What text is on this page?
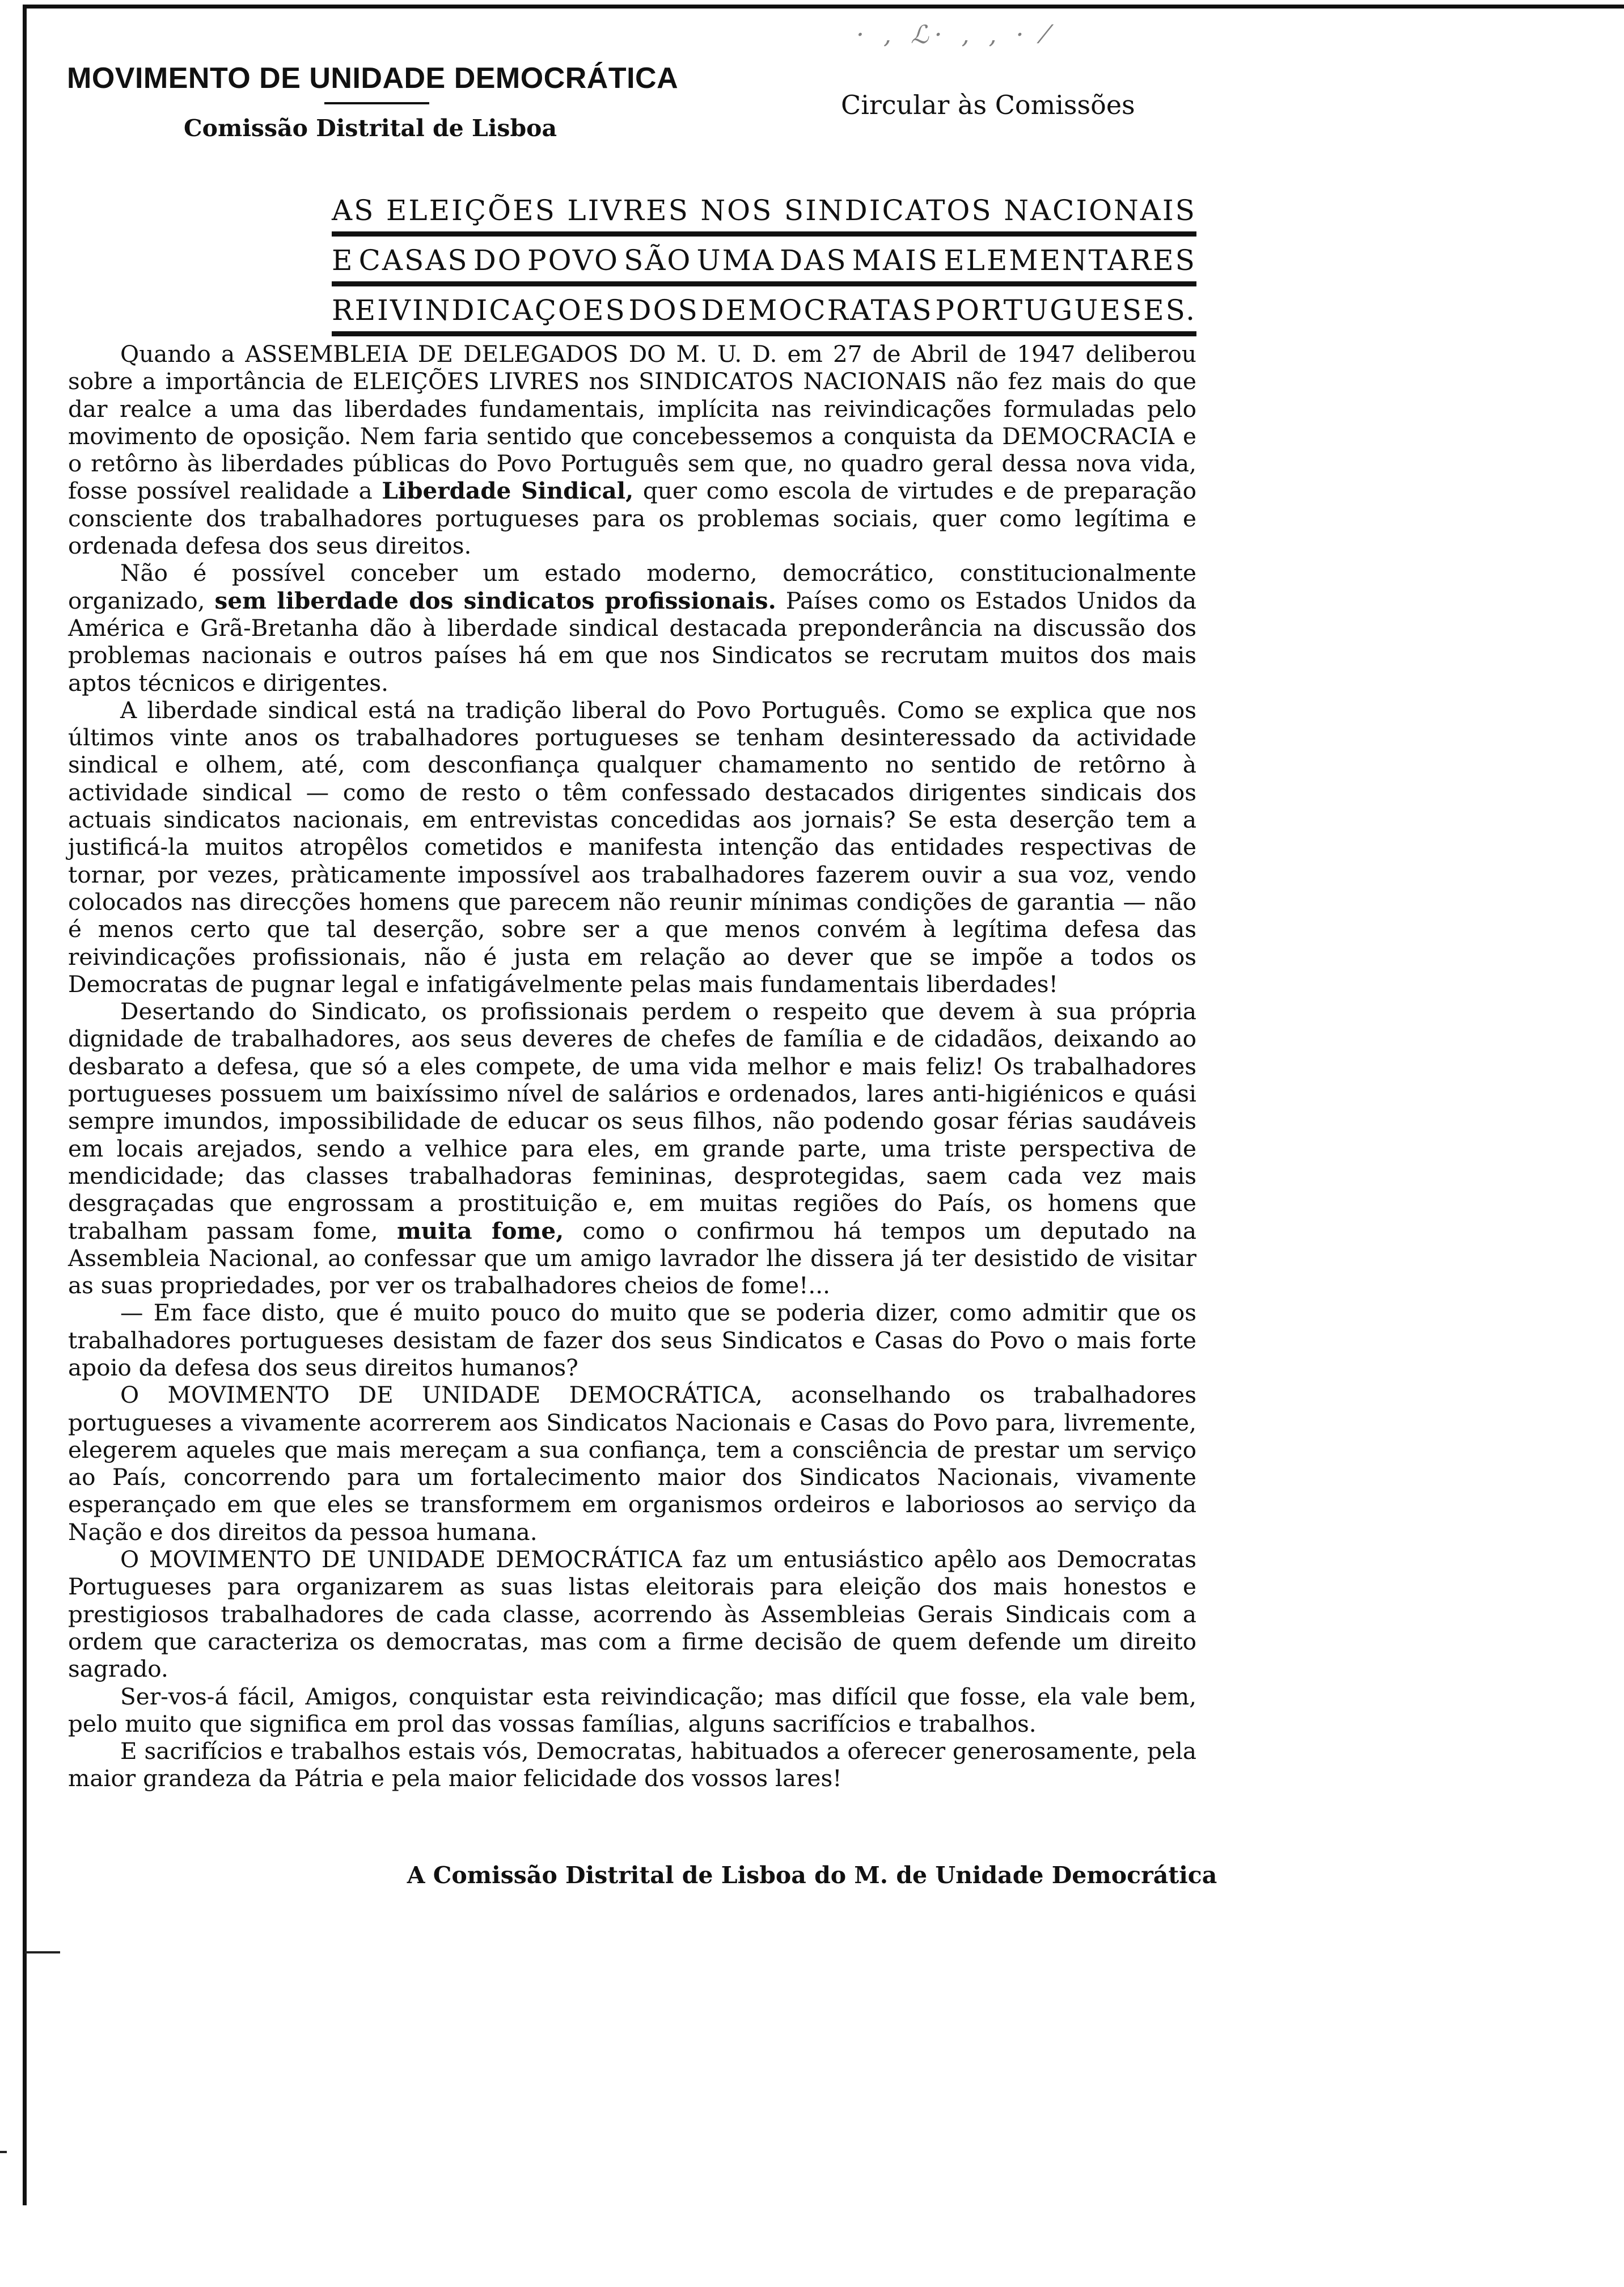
MOVIMENTO DE UNIDADE DEMOCRÁTICA
Comissão Distrital de Lisboa
· , ℒ· , , · ⁄
Circular às Comissões
AS ELEIÇÕES LIVRES NOS SINDICATOS NACIONAIS
E CASAS DO POVO SÃO UMA DAS MAIS ELEMENTARES
REIVINDICAÇOES DOS DEMOCRATAS PORTUGUESES.

Quando a ASSEMBLEIA DE DELEGADOS DO M. U. D. em 27 de Abril de 1947 deliberou sobre a importância de ELEIÇÕES LIVRES nos SINDICATOS NACIONAIS não fez mais do que dar realce a uma das liberdades fundamentais, implícita nas reivindicações formuladas pelo movimento de oposição. Nem faria sentido que concebessemos a conquista da DEMOCRACIA e o retôrno às liberdades públicas do Povo Português sem que, no quadro geral dessa nova vida, fosse possível realidade a Liberdade Sindical, quer como escola de virtudes e de preparação consciente dos trabalhadores portugueses para os problemas sociais, quer como legítima e ordenada defesa dos seus direitos.

Não é possível conceber um estado moderno, democrático, constitucionalmente organizado, sem liberdade dos sindicatos profissionais. Países como os Estados Unidos da América e Grã-Bretanha dão à liberdade sindical destacada preponderância na discussão dos problemas nacionais e outros países há em que nos Sindicatos se recrutam muitos dos mais aptos técnicos e dirigentes.

A liberdade sindical está na tradição liberal do Povo Português. Como se explica que nos últimos vinte anos os trabalhadores portugueses se tenham desinteressado da actividade sindical e olhem, até, com desconfiança qualquer chamamento no sentido de retôrno à actividade sindical — como de resto o têm confessado destacados dirigentes sindicais dos actuais sindicatos nacionais, em entrevistas concedidas aos jornais? Se esta deserção tem a justificá-la muitos atropêlos cometidos e manifesta intenção das entidades respectivas de tornar, por vezes, pràticamente impossível aos trabalhadores fazerem ouvir a sua voz, vendo colocados nas direcções homens que parecem não reunir mínimas condições de garantia — não é menos certo que tal deserção, sobre ser a que menos convém à legítima defesa das reivindicações profissionais, não é justa em relação ao dever que se impõe a todos os Democratas de pugnar legal e infatigávelmente pelas mais fundamentais liberdades!

Desertando do Sindicato, os profissionais perdem o respeito que devem à sua própria dignidade de trabalhadores, aos seus deveres de chefes de família e de cidadãos, deixando ao desbarato a defesa, que só a eles compete, de uma vida melhor e mais feliz! Os trabalhadores portugueses possuem um baixíssimo nível de salários e ordenados, lares anti-higiénicos e quási sempre imundos, impossibilidade de educar os seus filhos, não podendo gosar férias saudáveis em locais arejados, sendo a velhice para eles, em grande parte, uma triste perspectiva de mendicidade; das classes trabalhadoras femininas, desprotegidas, saem cada vez mais desgraçadas que engrossam a prostituição e, em muitas regiões do País, os homens que trabalham passam fome, muita fome, como o confirmou há tempos um deputado na Assembleia Nacional, ao confessar que um amigo lavrador lhe dissera já ter desistido de visitar as suas propriedades, por ver os trabalhadores cheios de fome!...

— Em face disto, que é muito pouco do muito que se poderia dizer, como admitir que os trabalhadores portugueses desistam de fazer dos seus Sindicatos e Casas do Povo o mais forte apoio da defesa dos seus direitos humanos?

O MOVIMENTO DE UNIDADE DEMOCRÁTICA, aconselhando os trabalhadores portugueses a vivamente acorrerem aos Sindicatos Nacionais e Casas do Povo para, livremente, elegerem aqueles que mais mereçam a sua confiança, tem a consciência de prestar um serviço ao País, concorrendo para um fortalecimento maior dos Sindicatos Nacionais, vivamente esperançado em que eles se transformem em organismos ordeiros e laboriosos ao serviço da Nação e dos direitos da pessoa humana.

O MOVIMENTO DE UNIDADE DEMOCRÁTICA faz um entusiástico apêlo aos Democratas Portugueses para organizarem as suas listas eleitorais para eleição dos mais honestos e prestigiosos trabalhadores de cada classe, acorrendo às Assembleias Gerais Sindicais com a ordem que caracteriza os democratas, mas com a firme decisão de quem defende um direito sagrado.

Ser-vos-á fácil, Amigos, conquistar esta reivindicação; mas difícil que fosse, ela vale bem, pelo muito que significa em prol das vossas famílias, alguns sacrifícios e trabalhos.

E sacrifícios e trabalhos estais vós, Democratas, habituados a oferecer generosamente, pela maior grandeza da Pátria e pela maior felicidade dos vossos lares!

A Comissão Distrital de Lisboa do M. de Unidade Democrática
